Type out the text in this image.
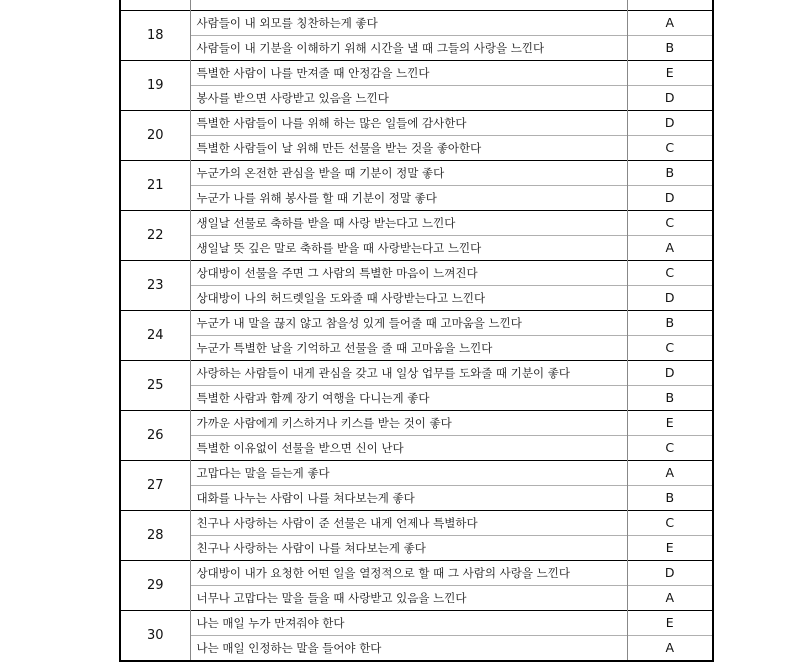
18	사람들이 내 외모를 칭찬하는게 좋다	A
	사람들이 내 기분을 이해하기 위해 시간을 낼 때 그들의 사랑을 느낀다	B
19	특별한 사람이 나를 만져줄 때 안정감을 느낀다	E
	봉사를 받으면 사랑받고 있음을 느낀다	D
20	특별한 사람들이 나를 위해 하는 많은 일들에 감사한다	D
	특별한 사람들이 날 위해 만든 선물을 받는 것을 좋아한다	C
21	누군가의 온전한 관심을 받을 때 기분이 정말 좋다	B
	누군가 나를 위해 봉사를 할 때 기분이 정말 좋다	D
22	생일날 선물로 축하를 받을 때 사랑 받는다고 느낀다	C
	생일날 뜻 깊은 말로 축하를 받을 때 사랑받는다고 느낀다	A
23	상대방이 선물을 주면 그 사람의 특별한 마음이 느껴진다	C
	상대방이 나의 허드렛일을 도와줄 때 사랑받는다고 느낀다	D
24	누군가 내 말을 끊지 않고 참을성 있게 들어줄 때 고마움을 느낀다	B
	누군가 특별한 날을 기억하고 선물을 줄 때 고마움을 느낀다	C
25	사랑하는 사람들이 내게 관심을 갖고 내 일상 업무를 도와줄 때 기분이 좋다	D
	특별한 사람과 함께 장기 여행을 다니는게 좋다	B
26	가까운 사람에게 키스하거나 키스를 받는 것이 좋다	E
	특별한 이유없이 선물을 받으면 신이 난다	C
27	고맙다는 말을 듣는게 좋다	A
	대화를 나누는 사람이 나를 쳐다보는게 좋다	B
28	친구나 사랑하는 사람이 준 선물은 내게 언제나 특별하다	C
	친구나 사랑하는 사람이 나를 쳐다보는게 좋다	E
29	상대방이 내가 요청한 어떤 일을 열정적으로 할 때 그 사람의 사랑을 느낀다	D
	너무나 고맙다는 말을 들을 때 사랑받고 있음을 느낀다	A
30	나는 매일 누가 만져줘야 한다	E
	나는 매일 인정하는 말을 들어야 한다	A
